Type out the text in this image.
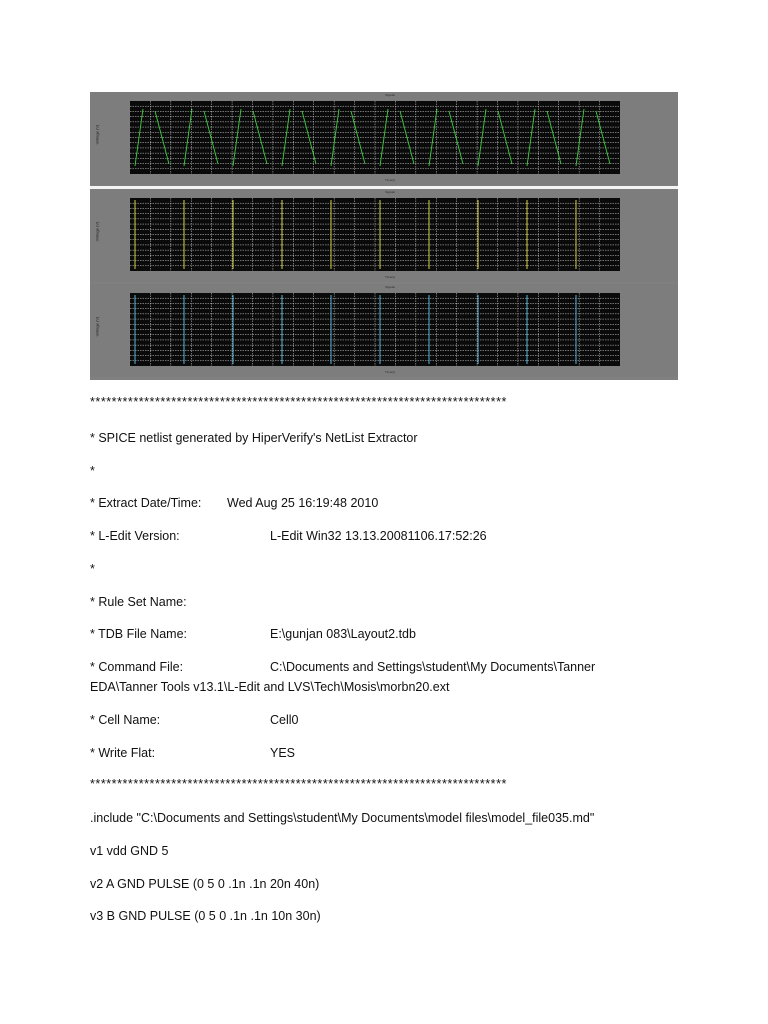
Signals
Voltage (V)
Time(s)
Signals
Voltage (V)
Time(s)
Signals
Voltage (V)
Time(s)
*****************************************************************************
* SPICE netlist generated by HiperVerify's NetList Extractor
*
* Extract Date/Time: Wed Aug 25 16:19:48 2010
* L-Edit Version:	L-Edit Win32 13.13.20081106.17:52:26
*
* Rule Set Name:
* TDB File Name:	E:\gunjan 083\Layout2.tdb
* Command File:	C:\Documents and Settings\student\My Documents\Tanner
EDA\Tanner Tools v13.1\L-Edit and LVS\Tech\Mosis\morbn20.ext
* Cell Name:	Cell0
* Write Flat:	YES
*****************************************************************************
.include "C:\Documents and Settings\student\My Documents\model files\model_file035.md"
v1 vdd GND 5
v2 A GND PULSE (0 5 0 .1n .1n 20n 40n)
v3 B GND PULSE (0 5 0 .1n .1n 10n 30n)
